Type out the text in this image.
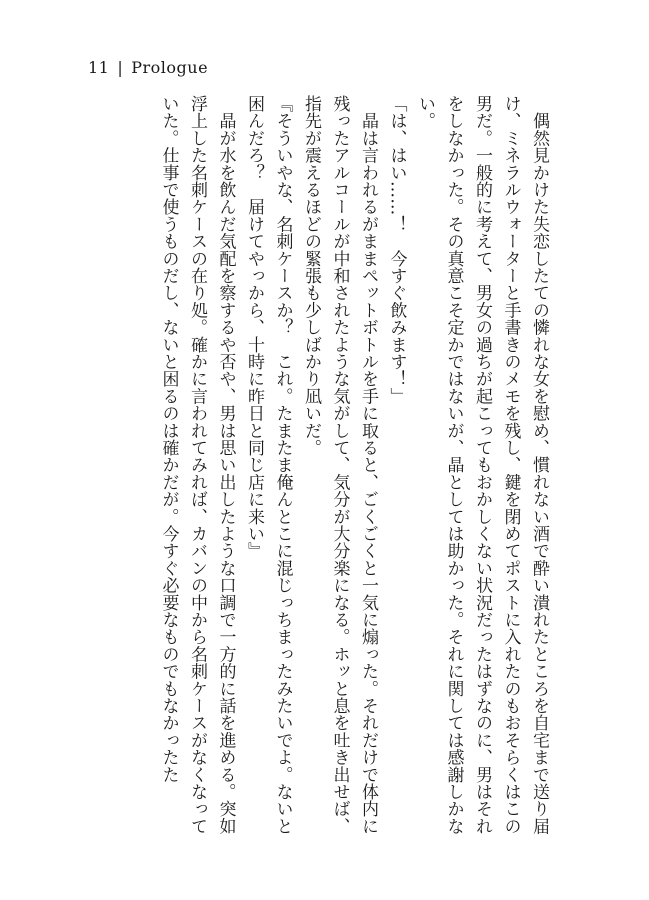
11 | Prologue

　偶然見かけた失恋したての憐れな女を慰め、慣れない酒で酔い潰れたところを自宅まで送り届け、ミネラルウォーターと手書きのメモを残し、鍵を閉めてポストに入れたのもおそらくはこの男だ。一般的に考えて、男女の過ちが起こってもおかしくない状況だったはずなのに、男はそれをしなかった。その真意こそ定かではないが、晶としては助かった。それに関しては感謝しかない。

「は、はい……！　今すぐ飲みます！」

　晶は言われるがままペットボトルを手に取ると、ごくごくと一気に煽った。それだけで体内に残ったアルコールが中和されたような気がして、気分が大分楽になる。ホッと息を吐き出せば、指先が震えるほどの緊張も少しばかり凪いだ。

『そういやな、名刺ケースか？　これ。たまたま俺んとこに混じっちまったみたいでよ。ないと困んだろ？　届けてやっから、十時に昨日と同じ店に来い』

　晶が水を飲んだ気配を察するや否や、男は思い出したような口調で一方的に話を進める。突如浮上した名刺ケースの在り処。確かに言われてみれば、カバンの中から名刺ケースがなくなっていた。仕事で使うものだし、ないと困るのは確かだが。今すぐ必要なものでもなかったた
